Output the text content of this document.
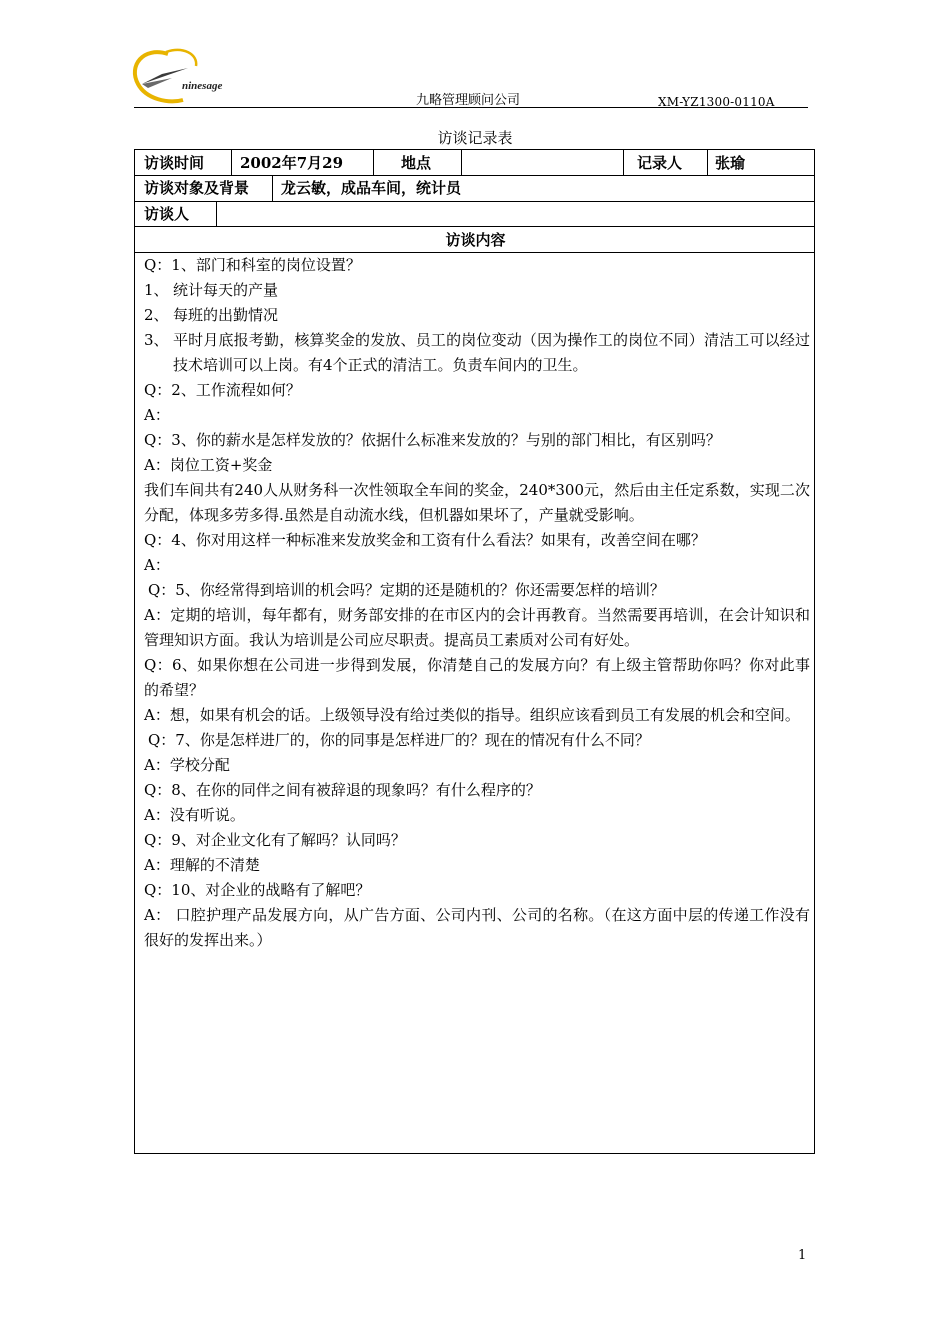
ninesage
九略管理顾问公司	XM-YZ1300-0110A
访谈记录表
访谈时间 2002年7月29	地点	记录人 张瑜
访谈对象及背景 龙云敏，成品车间，统计员
访谈人
访谈内容

Q：1、部门和科室的岗位设置？

1、 统计每天的产量
2、 每班的出勤情况
3、 平时月底报考勤，核算奖金的发放、员工的岗位变动（因为操作工的岗位不同）清洁工可以经过技术培训可以上岗。有4个正式的清洁工。负责车间内的卫生。

Q：2、工作流程如何？

A：

Q：3、你的薪水是怎样发放的？依据什么标准来发放的？与别的部门相比，有区别吗？

A：岗位工资+奖金

我们车间共有240人从财务科一次性领取全车间的奖金，240*300元，然后由主任定系数，实现二次分配，体现多劳多得.虽然是自动流水线，但机器如果坏了，产量就受影响。

Q：4、你对用这样一种标准来发放奖金和工资有什么看法？如果有，改善空间在哪？

A：

Q：5、你经常得到培训的机会吗？定期的还是随机的？你还需要怎样的培训？

A：定期的培训，每年都有，财务部安排的在市区内的会计再教育。当然需要再培训，在会计知识和管理知识方面。我认为培训是公司应尽职责。提高员工素质对公司有好处。

Q：6、如果你想在公司进一步得到发展，你清楚自己的发展方向？有上级主管帮助你吗？你对此事的希望？

A：想，如果有机会的话。上级领导没有给过类似的指导。组织应该看到员工有发展的机会和空间。

Q：7、你是怎样进厂的，你的同事是怎样进厂的？现在的情况有什么不同？

A：学校分配

Q：8、在你的同伴之间有被辞退的现象吗？有什么程序的？

A：没有听说。

Q：9、对企业文化有了解吗？认同吗？

A：理解的不清楚

Q：10、对企业的战略有了解吧？

A： 口腔护理产品发展方向，从广告方面、公司内刊、公司的名称。（在这方面中层的传递工作没有很好的发挥出来。）

1
